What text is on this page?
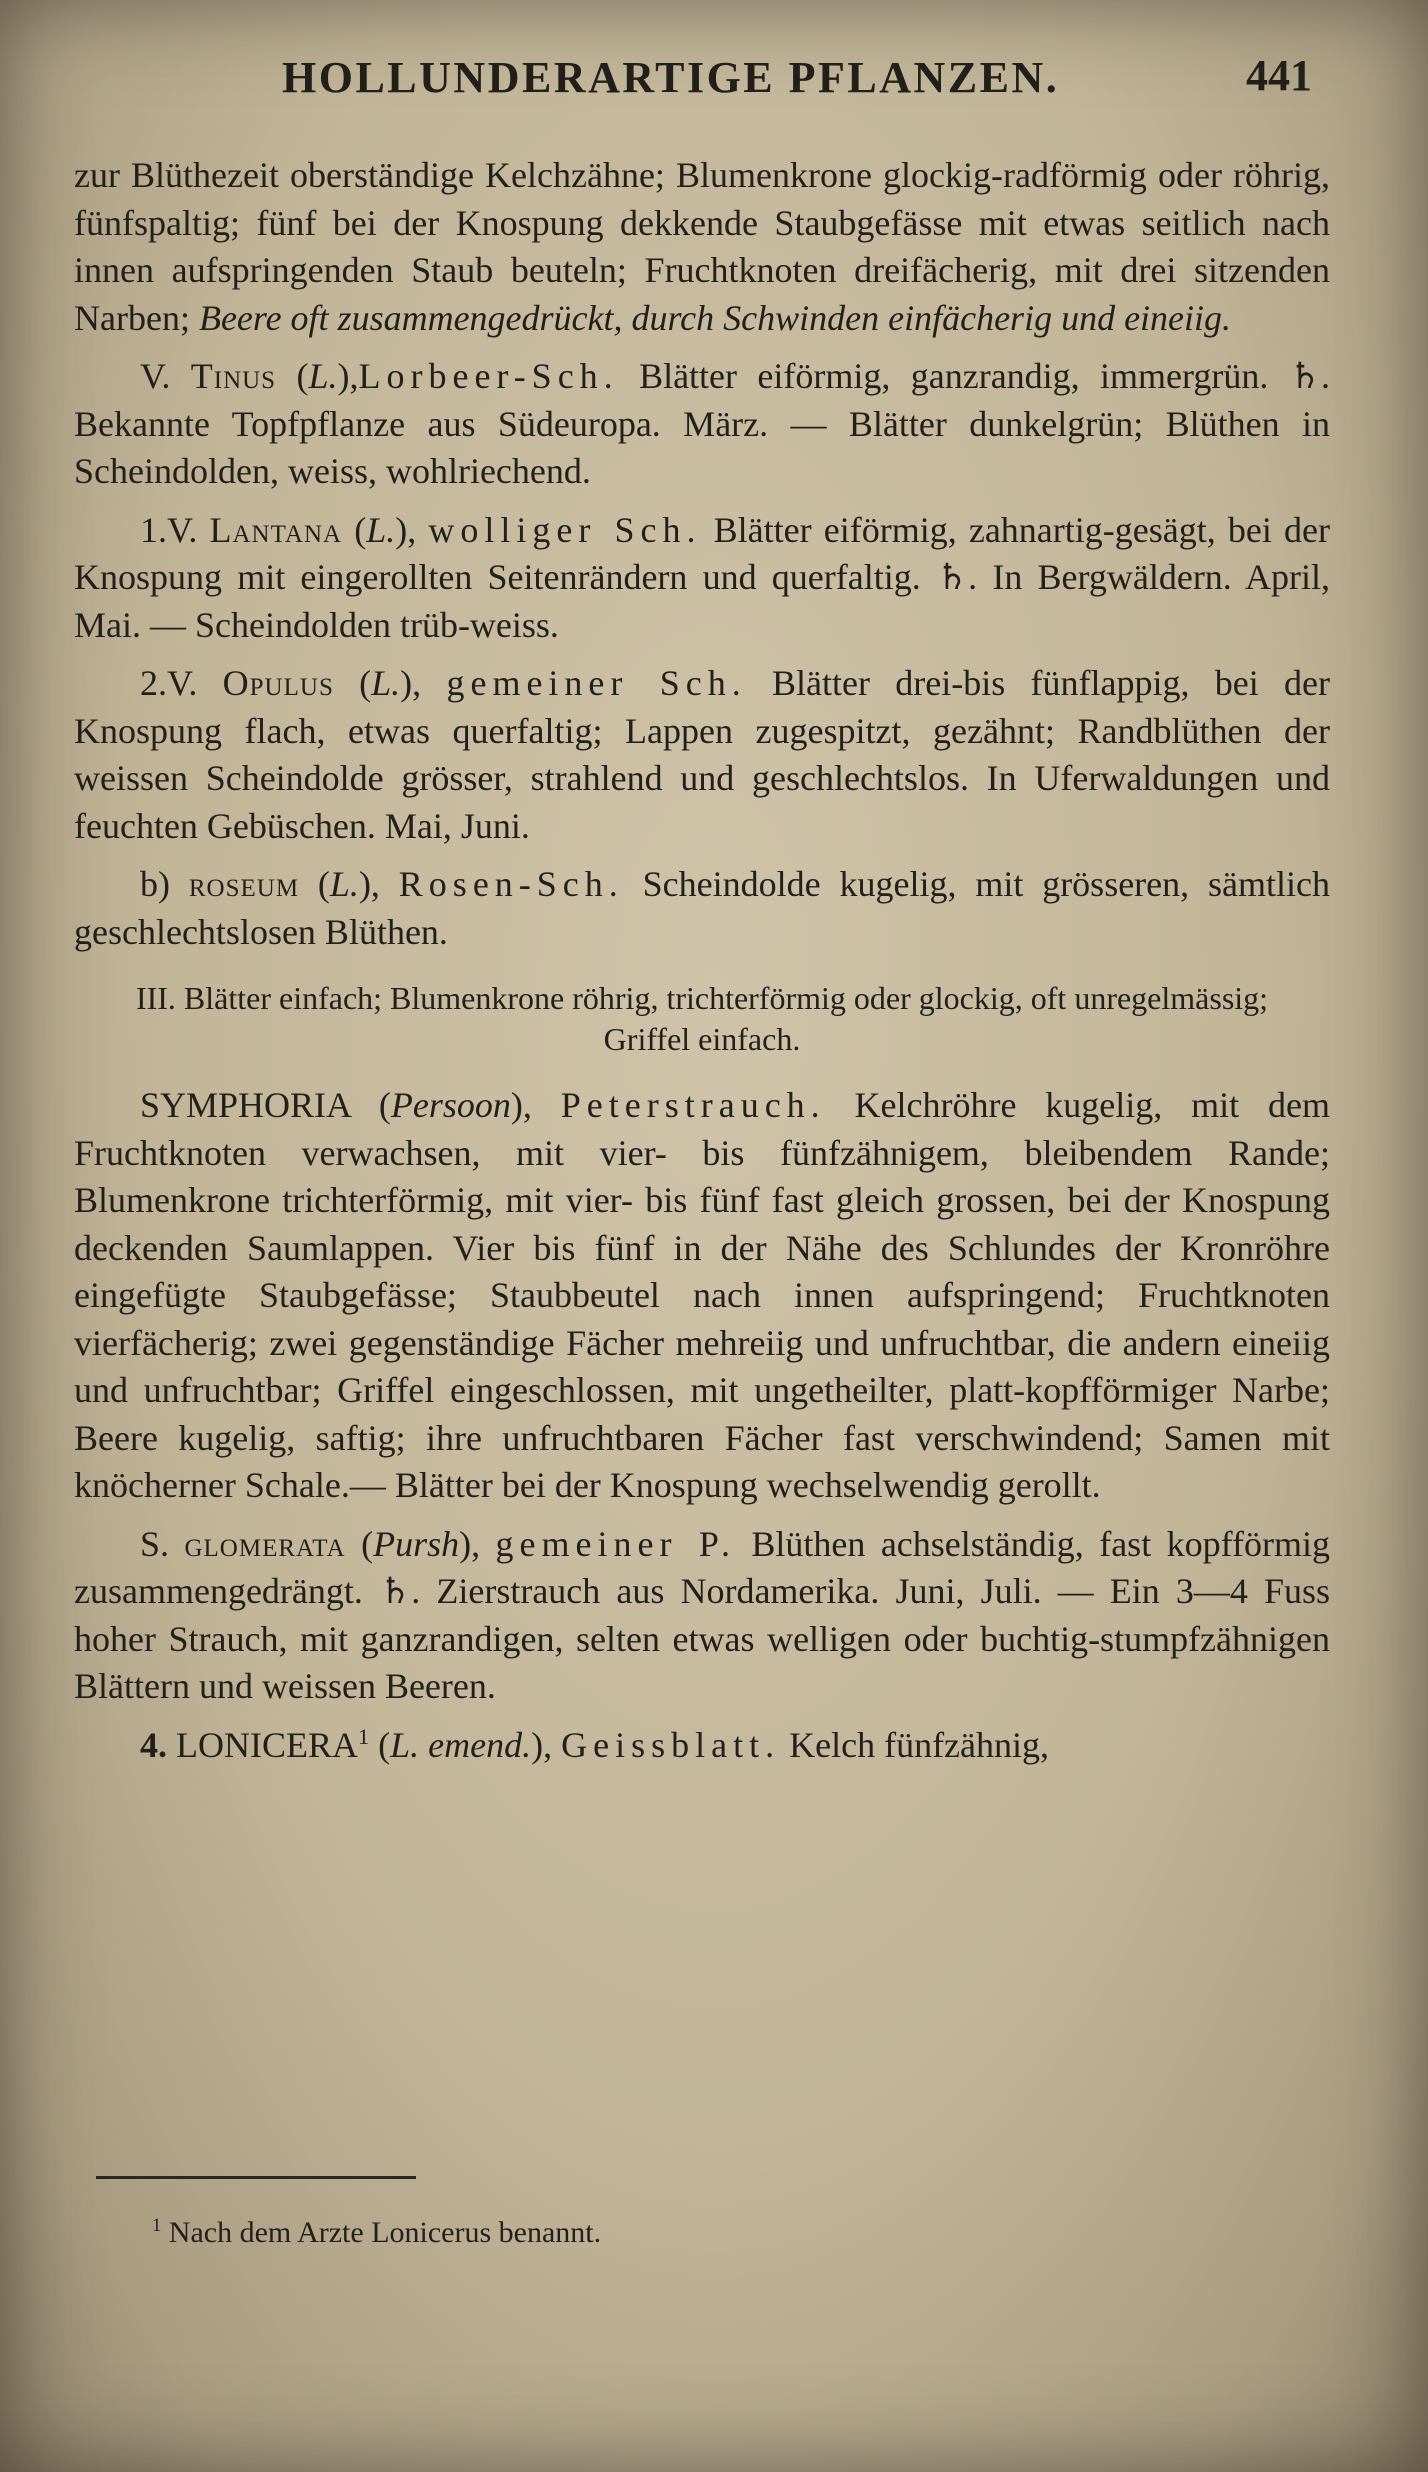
HOLLUNDERARTIGE PFLANZEN.	441

zur Blüthezeit oberständige Kelchzähne; Blumenkrone glockig-radförmig oder röhrig, fünfspaltig; fünf bei der Knospung dekkende Staubgefässe mit etwas seitlich nach innen aufspringenden Staub beuteln; Fruchtknoten dreifächerig, mit drei sitzenden Narben; Beere oft zusammengedrückt, durch Schwinden einfächerig und eineiig.

V. Tinus (L.),Lorbeer-Sch. Blätter eiförmig, ganzrandig, immergrün. ♄. Bekannte Topfpflanze aus Südeuropa. März. — Blätter dunkelgrün; Blüthen in Scheindolden, weiss, wohlriechend.

1.V. Lantana (L.), wolliger Sch. Blätter eiförmig, zahnartig-gesägt, bei der Knospung mit eingerollten Seitenrändern und querfaltig. ♄. In Bergwäldern. April, Mai. — Scheindolden trüb-weiss.

2.V. Opulus (L.), gemeiner Sch. Blätter drei-bis fünflappig, bei der Knospung flach, etwas querfaltig; Lappen zugespitzt, gezähnt; Randblüthen der weissen Scheindolde grösser, strahlend und geschlechtslos. In Uferwaldungen und feuchten Gebüschen. Mai, Juni.

b) roseum (L.), Rosen-Sch. Scheindolde kugelig, mit grösseren, sämtlich geschlechtslosen Blüthen.

III. Blätter einfach; Blumenkrone röhrig, trichterförmig oder glockig, oft unregelmässig; Griffel einfach.

SYMPHORIA (Persoon), Peterstrauch. Kelchröhre kugelig, mit dem Fruchtknoten verwachsen, mit vier- bis fünfzähnigem, bleibendem Rande; Blumenkrone trichterförmig, mit vier- bis fünf fast gleich grossen, bei der Knospung deckenden Saumlappen. Vier bis fünf in der Nähe des Schlundes der Kronröhre eingefügte Staubgefässe; Staubbeutel nach innen aufspringend; Fruchtknoten vierfächerig; zwei gegenständige Fächer mehreiig und unfruchtbar, die andern eineiig und unfruchtbar; Griffel eingeschlossen, mit ungetheilter, platt-kopfförmiger Narbe; Beere kugelig, saftig; ihre unfruchtbaren Fächer fast verschwindend; Samen mit knöcherner Schale.— Blätter bei der Knospung wechselwendig gerollt.

S. glomerata (Pursh), gemeiner P. Blüthen achselständig, fast kopfförmig zusammengedrängt. ♄. Zierstrauch aus Nordamerika. Juni, Juli. — Ein 3—4 Fuss hoher Strauch, mit ganzrandigen, selten etwas welligen oder buchtig-stumpfzähnigen Blättern und weissen Beeren.

4. LONICERA$^1$ (L. emend.), Geissblatt. Kelch fünfzähnig,

$^1$ Nach dem Arzte Lonicerus benannt.
